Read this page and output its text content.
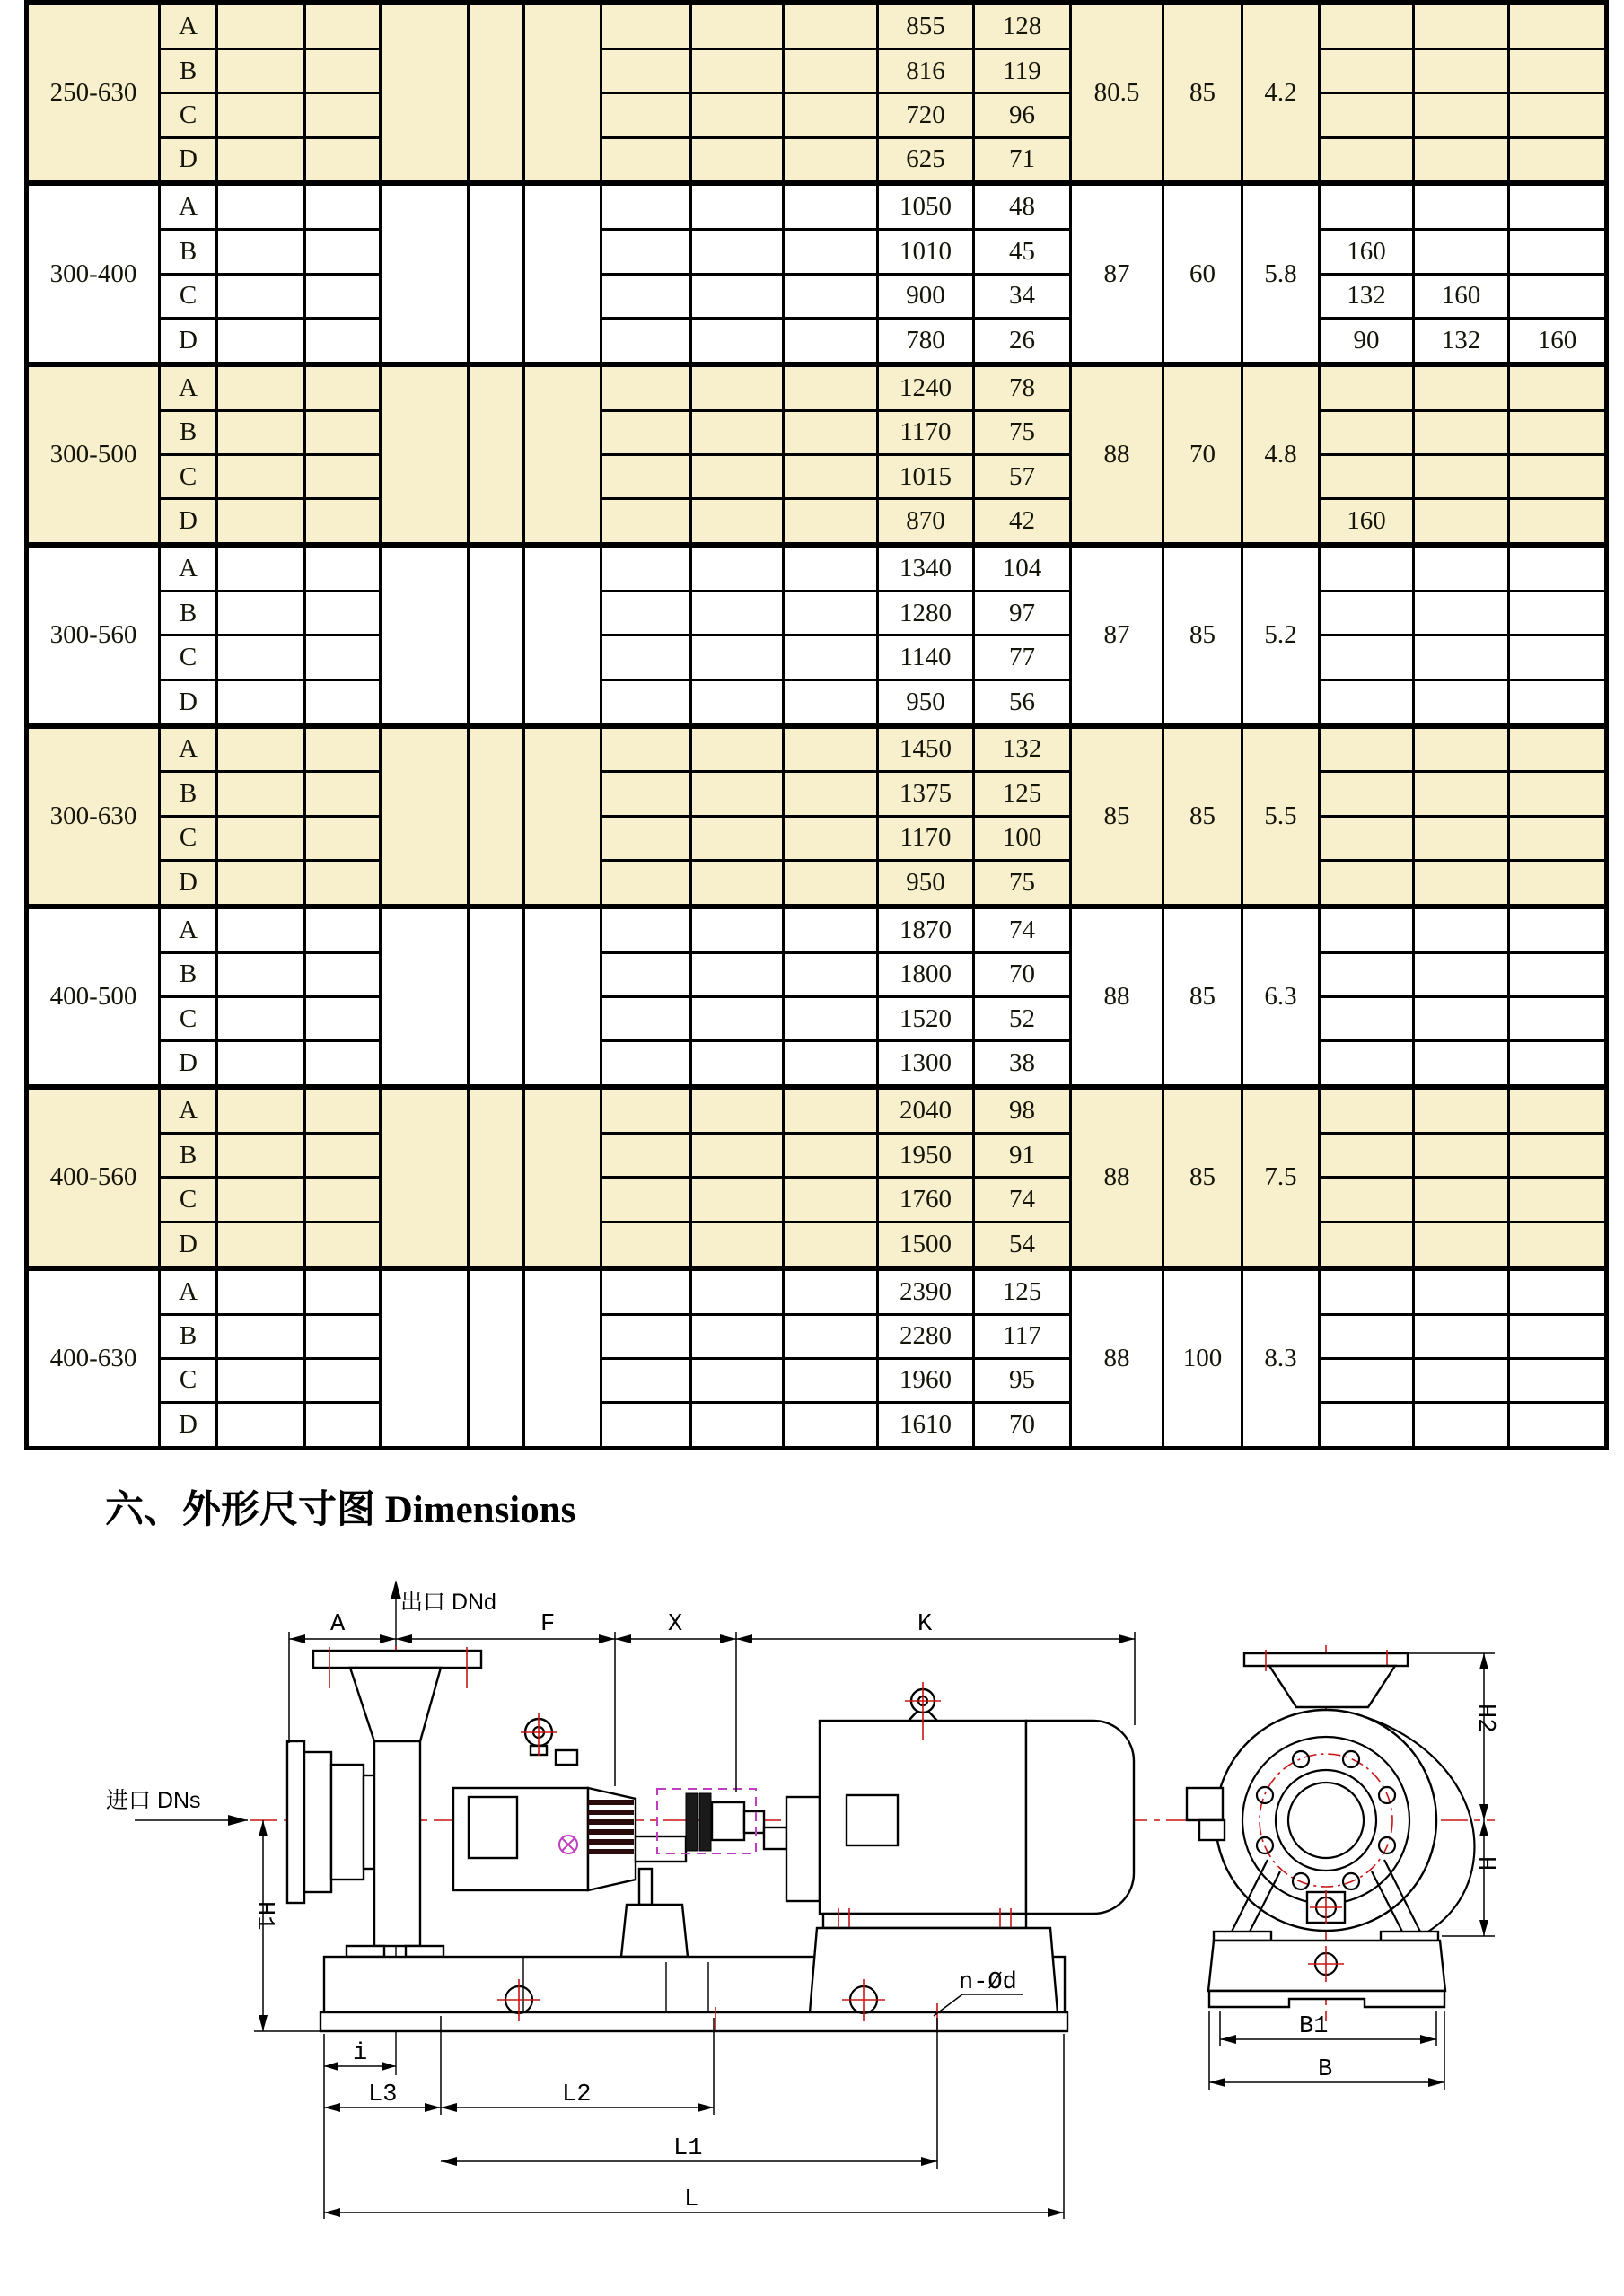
250-630	A									855	128	80.5	85	4.2			
	B									816	119						
	C									720	96						
	D									625	71						
300-400	A									1050	48	87	60	5.8			
	B									1010	45				160		
	C									900	34				132	160	
	D									780	26				90	132	160
300-500	A									1240	78	88	70	4.8			
	B									1170	75						
	C									1015	57						
	D									870	42				160		
300-560	A									1340	104	87	85	5.2			
	B									1280	97						
	C									1140	77						
	D									950	56						
300-630	A									1450	132	85	85	5.5			
	B									1375	125						
	C									1170	100						
	D									950	75						
400-500	A									1870	74	88	85	6.3			
	B									1800	70						
	C									1520	52						
	D									1300	38						
400-560	A									2040	98	88	85	7.5			
	B									1950	91						
	C									1760	74						
	D									1500	54						
400-630	A									2390	125	88	100	8.3			
	B									2280	117						
	C									1960	95						
	D									1610	70						
六、外形尺寸图 Dimensions
出口 DNd
进口 DNs
A	F	X	K
H1
H2
H
i
L3	L2
L1
L
B1
B
n-Ød
